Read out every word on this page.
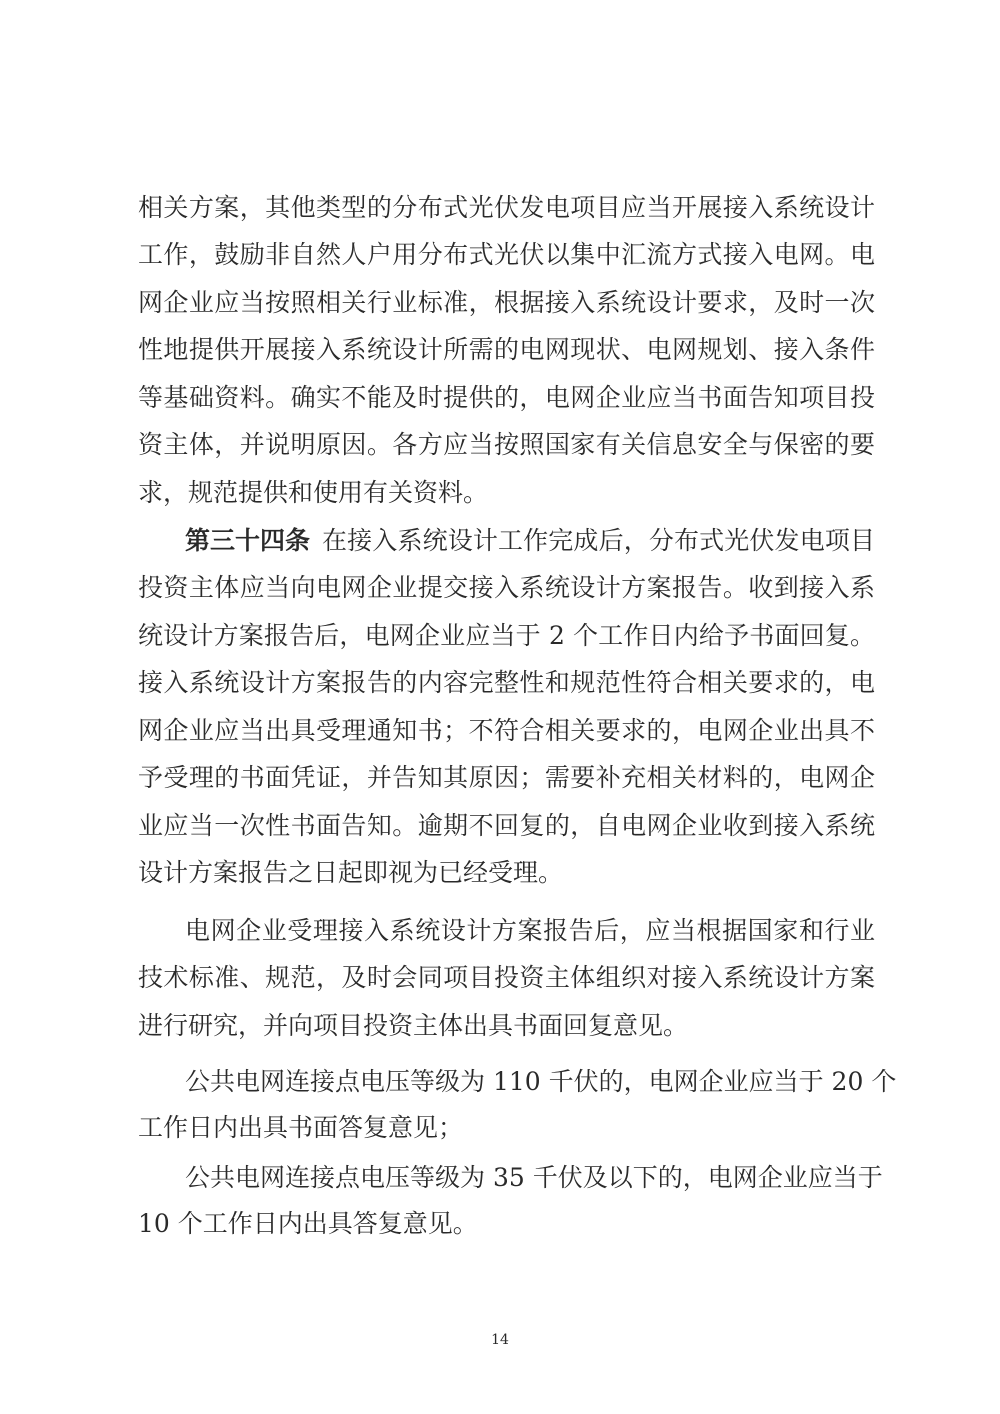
相关方案，其他类型的分布式光伏发电项目应当开展接入系统设计
工作，鼓励非自然人户用分布式光伏以集中汇流方式接入电网。电
网企业应当按照相关行业标准，根据接入系统设计要求，及时一次
性地提供开展接入系统设计所需的电网现状、电网规划、接入条件
等基础资料。确实不能及时提供的，电网企业应当书面告知项目投
资主体，并说明原因。各方应当按照国家有关信息安全与保密的要
求，规范提供和使用有关资料。
第三十四条 在接入系统设计工作完成后，分布式光伏发电项目
投资主体应当向电网企业提交接入系统设计方案报告。收到接入系
统设计方案报告后，电网企业应当于 2 个工作日内给予书面回复。
接入系统设计方案报告的内容完整性和规范性符合相关要求的，电
网企业应当出具受理通知书；不符合相关要求的，电网企业出具不
予受理的书面凭证，并告知其原因；需要补充相关材料的，电网企
业应当一次性书面告知。逾期不回复的，自电网企业收到接入系统
设计方案报告之日起即视为已经受理。
电网企业受理接入系统设计方案报告后，应当根据国家和行业
技术标准、规范，及时会同项目投资主体组织对接入系统设计方案
进行研究，并向项目投资主体出具书面回复意见。
公共电网连接点电压等级为 110 千伏的，电网企业应当于 20 个
工作日内出具书面答复意见；
公共电网连接点电压等级为 35 千伏及以下的，电网企业应当于
10 个工作日内出具答复意见。
14
